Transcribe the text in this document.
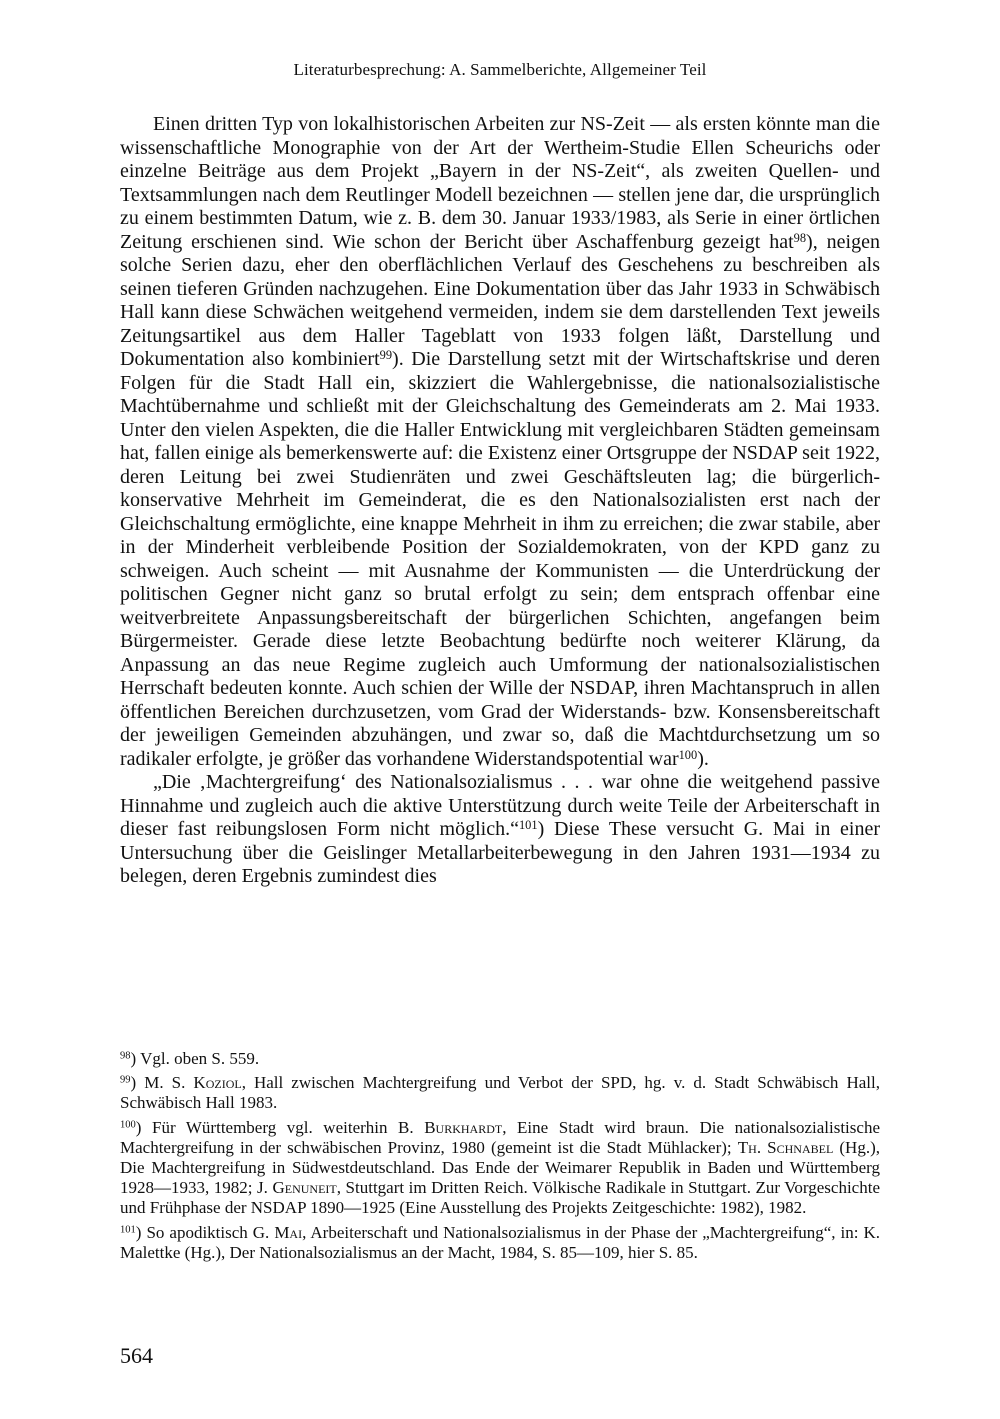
Literaturbesprechung: A. Sammelberichte, Allgemeiner Teil

Einen dritten Typ von lokalhistorischen Arbeiten zur NS-Zeit — als ersten könnte man die wissenschaftliche Monographie von der Art der Wertheim-Studie Ellen Scheurichs oder einzelne Beiträge aus dem Projekt „Bayern in der NS-Zeit“, als zweiten Quellen- und Textsammlungen nach dem Reutlinger Modell bezeichnen — stellen jene dar, die ursprünglich zu einem bestimmten Datum, wie z. B. dem 30. Januar 1933/1983, als Serie in einer örtlichen Zeitung erschienen sind. Wie schon der Bericht über Aschaffenburg gezeigt hat$^{98}$), neigen solche Serien dazu, eher den oberflächlichen Verlauf des Geschehens zu beschreiben als seinen tieferen Gründen nachzugehen. Eine Dokumentation über das Jahr 1933 in Schwäbisch Hall kann diese Schwächen weitgehend vermeiden, indem sie dem darstellenden Text jeweils Zeitungsartikel aus dem Haller Tageblatt von 1933 folgen läßt, Darstellung und Dokumentation also kombiniert$^{99}$). Die Darstellung setzt mit der Wirtschaftskrise und deren Folgen für die Stadt Hall ein, skizziert die Wahlergebnisse, die nationalsozialistische Machtübernahme und schließt mit der Gleichschaltung des Gemeinderats am 2. Mai 1933. Unter den vielen Aspekten, die die Haller Entwicklung mit vergleichbaren Städten gemeinsam hat, fallen einige als bemerkenswerte auf: die Existenz einer Ortsgruppe der NSDAP seit 1922, deren Leitung bei zwei Studienräten und zwei Geschäftsleuten lag; die bürgerlich-konservative Mehrheit im Gemeinderat, die es den Nationalsozialisten erst nach der Gleichschaltung ermöglichte, eine knappe Mehrheit in ihm zu erreichen; die zwar stabile, aber in der Minderheit verbleibende Position der Sozialdemokraten, von der KPD ganz zu schweigen. Auch scheint — mit Ausnahme der Kommunisten — die Unterdrückung der politischen Gegner nicht ganz so brutal erfolgt zu sein; dem entsprach offenbar eine weitverbreitete Anpassungsbereitschaft der bürgerlichen Schichten, angefangen beim Bürgermeister. Gerade diese letzte Beobachtung bedürfte noch weiterer Klärung, da Anpassung an das neue Regime zugleich auch Umformung der nationalsozialistischen Herrschaft bedeuten konnte. Auch schien der Wille der NSDAP, ihren Machtanspruch in allen öffentlichen Bereichen durchzusetzen, vom Grad der Widerstands- bzw. Konsensbereitschaft der jeweiligen Gemeinden abzuhängen, und zwar so, daß die Machtdurchsetzung um so radikaler erfolgte, je größer das vorhandene Widerstandspotential war$^{100}$).

„Die ‚Machtergreifung‘ des Nationalsozialismus . . . war ohne die weitgehend passive Hinnahme und zugleich auch die aktive Unterstützung durch weite Teile der Arbeiterschaft in dieser fast reibungslosen Form nicht möglich.“$^{101}$) Diese These versucht G. Mai in einer Untersuchung über die Geislinger Metallarbeiterbewegung in den Jahren 1931—1934 zu belegen, deren Ergebnis zumindest dies

$^{98}$) Vgl. oben S. 559.
$^{99}$) M. S. Koziol, Hall zwischen Machtergreifung und Verbot der SPD, hg. v. d. Stadt Schwäbisch Hall, Schwäbisch Hall 1983.
$^{100}$) Für Württemberg vgl. weiterhin B. Burkhardt, Eine Stadt wird braun. Die nationalsozialistische Machtergreifung in der schwäbischen Provinz, 1980 (gemeint ist die Stadt Mühlacker); Th. Schnabel (Hg.), Die Machtergreifung in Südwestdeutschland. Das Ende der Weimarer Republik in Baden und Württemberg 1928—1933, 1982; J. Genuneit, Stuttgart im Dritten Reich. Völkische Radikale in Stuttgart. Zur Vorgeschichte und Frühphase der NSDAP 1890—1925 (Eine Ausstellung des Projekts Zeitgeschichte: 1982), 1982.
$^{101}$) So apodiktisch G. Mai, Arbeiterschaft und Nationalsozialismus in der Phase der „Machtergreifung“, in: K. Malettke (Hg.), Der Nationalsozialismus an der Macht, 1984, S. 85—109, hier S. 85.
564
